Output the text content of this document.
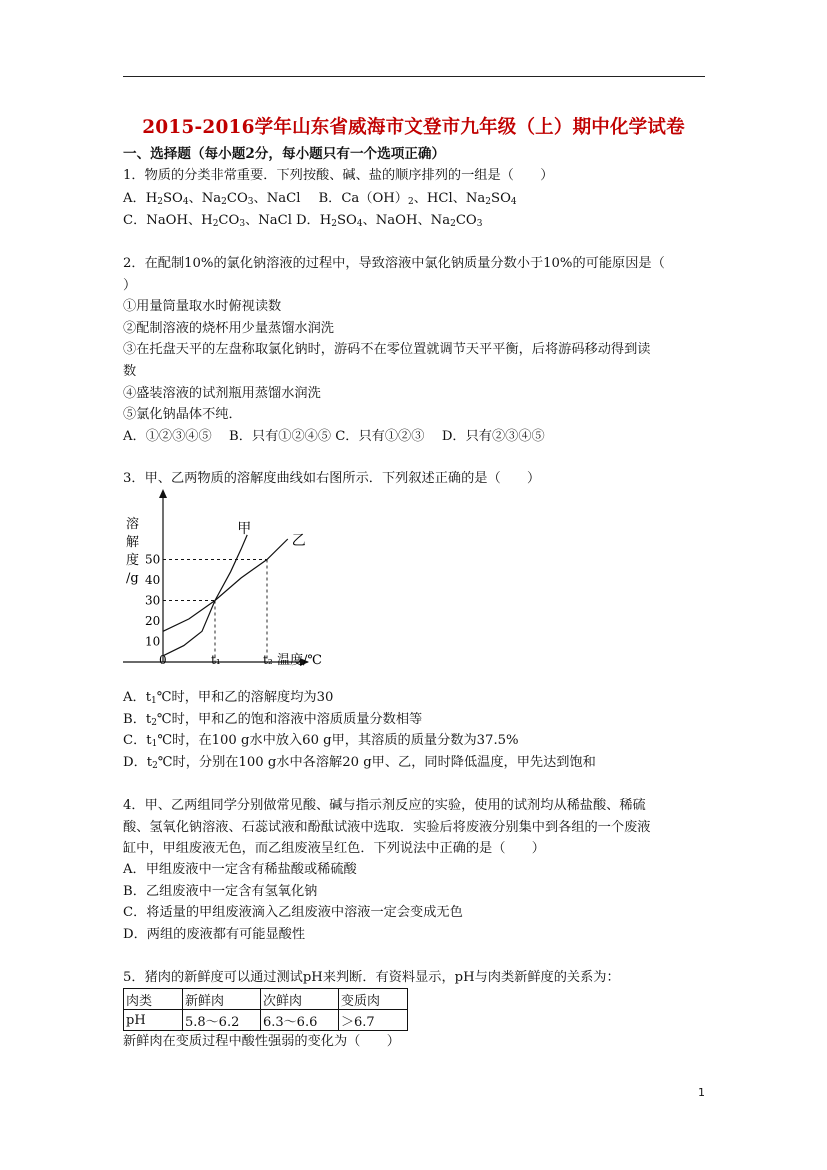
2015-2016学年山东省威海市文登市九年级（上）期中化学试卷
一、选择题（每小题2分，每小题只有一个选项正确）
1．物质的分类非常重要．下列按酸、碱、盐的顺序排列的一组是（　　）
A．$H_2SO_4$、$Na_2CO_3$、NaCl B．$Ca(OH)_2$、HCl、$Na_2SO_4$
C．NaOH、$H_2CO_3$、NaCl D．$H_2SO_4$、NaOH、$Na_2CO_3$
2．在配制10%的氯化钠溶液的过程中，导致溶液中氯化钠质量分数小于10%的可能原因是（
）
①用量筒量取水时俯视读数
②配制溶液的烧杯用少量蒸馏水润洗
③在托盘天平的左盘称取氯化钠时，游码不在零位置就调节天平平衡，后将游码移动得到读
数
④盛装溶液的试剂瓶用蒸馏水润洗
⑤氯化钠晶体不纯．
A．①②③④⑤　 B．只有①②④⑤ C．只有①②③　 D．只有②③④⑤
3．甲、乙两物质的溶解度曲线如右图所示．下列叙述正确的是（　　）
10
20
30
40
50
0	t₁	t₂ 温度/℃
甲
乙
溶
解
度
/g
A．$t_1℃$时，甲和乙的溶解度均为30
B．$t_2℃$时，甲和乙的饱和溶液中溶质质量分数相等
C．$t_1℃$时，在100 g水中放入60 g甲，其溶质的质量分数为37.5%
D．$t_2℃$时，分别在100 g水中各溶解20 g甲、乙，同时降低温度，甲先达到饱和
4．甲、乙两组同学分别做常见酸、碱与指示剂反应的实验，使用的试剂均从稀盐酸、稀硫
酸、氢氧化钠溶液、石蕊试液和酚酞试液中选取．实验后将废液分别集中到各组的一个废液
缸中，甲组废液无色，而乙组废液呈红色．下列说法中正确的是（　　）
A．甲组废液中一定含有稀盐酸或稀硫酸
B．乙组废液中一定含有氢氧化钠
C．将适量的甲组废液滴入乙组废液中溶液一定会变成无色
D．两组的废液都有可能显酸性
5．猪肉的新鲜度可以通过测试pH来判断．有资料显示，pH与肉类新鲜度的关系为：
肉类	新鲜肉	次鲜肉	变质肉
pH	5.8～6.2	6.3～6.6	＞6.7
新鲜肉在变质过程中酸性强弱的变化为（　　）
1
